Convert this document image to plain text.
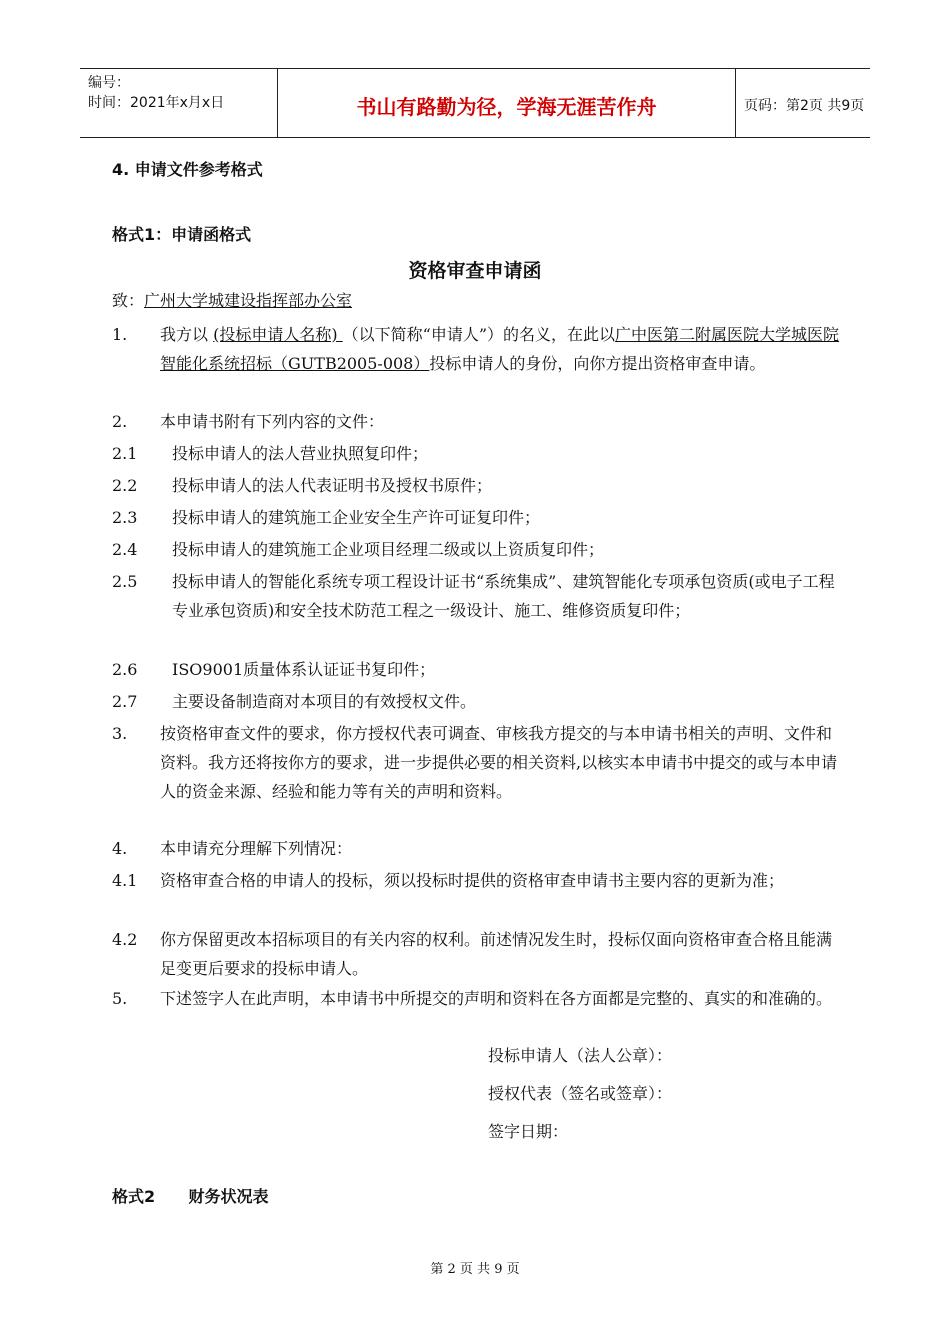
编号：
时间：2021年x月x日	书山有路勤为径，学海无涯苦作舟	页码：第2页 共9页
4. 申请文件参考格式
格式1：申请函格式
资格审查申请函
致：广州大学城建设指挥部办公室
1. 我方以 (投标申请人名称) （以下简称“申请人”）的名义，在此以广中医第二附属医院大学城医院智能化系统招标（GUTB2005-008）投标申请人的身份，向你方提出资格审查申请。
2. 本申请书附有下列内容的文件：
2.1 投标申请人的法人营业执照复印件；
2.2 投标申请人的法人代表证明书及授权书原件；
2.3 投标申请人的建筑施工企业安全生产许可证复印件；
2.4 投标申请人的建筑施工企业项目经理二级或以上资质复印件；
2.5 投标申请人的智能化系统专项工程设计证书“系统集成”、建筑智能化专项承包资质(或电子工程专业承包资质)和安全技术防范工程之一级设计、施工、维修资质复印件；
2.6 ISO9001质量体系认证证书复印件；
2.7 主要设备制造商对本项目的有效授权文件。
3. 按资格审查文件的要求，你方授权代表可调查、审核我方提交的与本申请书相关的声明、文件和资料。我方还将按你方的要求，进一步提供必要的相关资料,以核实本申请书中提交的或与本申请人的资金来源、经验和能力等有关的声明和资料。
4. 本申请充分理解下列情况：
4.1 资格审查合格的申请人的投标，须以投标时提供的资格审查申请书主要内容的更新为准；
4.2 你方保留更改本招标项目的有关内容的权利。前述情况发生时，投标仅面向资格审查合格且能满足变更后要求的投标申请人。
5. 下述签字人在此声明，本申请书中所提交的声明和资料在各方面都是完整的、真实的和准确的。
投标申请人（法人公章）：
授权代表（签名或签章）：
签字日期：
格式2      财务状况表
第 2 页 共 9 页
